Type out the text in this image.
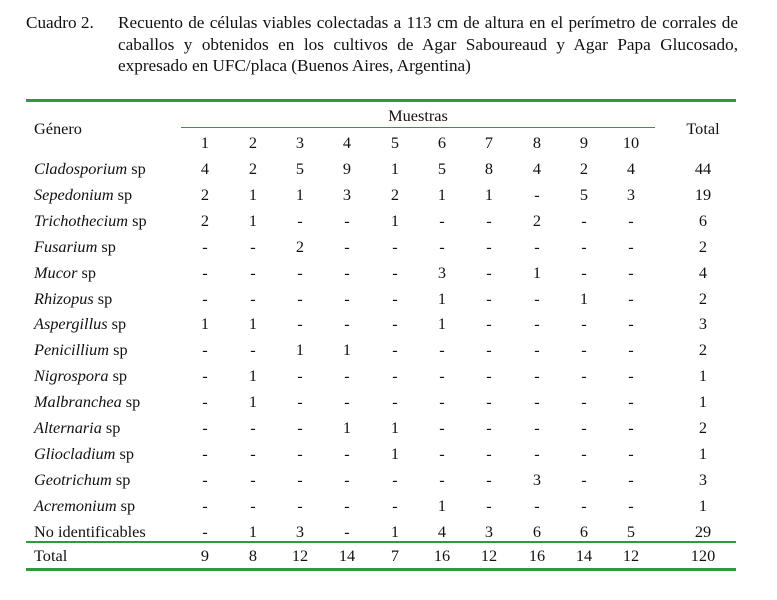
Cuadro 2. Recuento de células viables colectadas a 113 cm de altura en el perímetro de corrales de caballos y obtenidos en los cultivos de Agar Saboureaud y Agar Papa Glucosado, expresado en UFC/placa (Buenos Aires, Argentina)
Género
Muestras
Total
1	2	3	4	5	6	7	8	9	10
Cladosporium sp	4	2	5	9	1	5	8	4	2	4	44
Sepedonium sp	2	1	1	3	2	1	1	-	5	3	19
Trichothecium sp	2	1	-	-	1	-	-	2	-	-	6
Fusarium sp	-	-	2	-	-	-	-	-	-	-	2
Mucor sp	-	-	-	-	-	3	-	1	-	-	4
Rhizopus sp	-	-	-	-	-	1	-	-	1	-	2
Aspergillus sp	1	1	-	-	-	1	-	-	-	-	3
Penicillium sp	-	-	1	1	-	-	-	-	-	-	2
Nigrospora sp	-	1	-	-	-	-	-	-	-	-	1
Malbranchea sp	-	1	-	-	-	-	-	-	-	-	1
Alternaria sp	-	-	-	1	1	-	-	-	-	-	2
Gliocladium sp	-	-	-	-	1	-	-	-	-	-	1
Geotrichum sp	-	-	-	-	-	-	-	3	-	-	3
Acremonium sp	-	-	-	-	-	1	-	-	-	-	1
No identificables	-	1	3	-	1	4	3	6	6	5	29
Total	9	8	12	14	7	16	12	16	14	12	120
